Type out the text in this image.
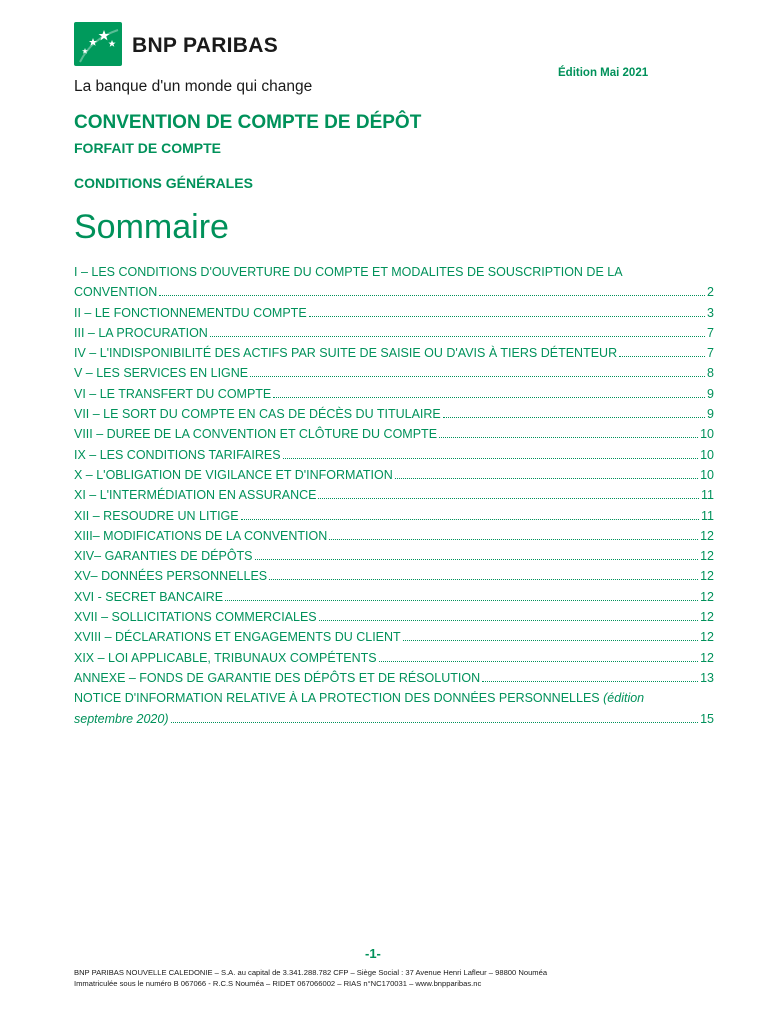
BNP PARIBAS
La banque d'un monde qui change
Édition Mai 2021
CONVENTION DE COMPTE DE DÉPÔT
FORFAIT DE COMPTE
CONDITIONS GÉNÉRALES
Sommaire
I – LES CONDITIONS D'OUVERTURE DU COMPTE ET MODALITES DE SOUSCRIPTION DE LA
CONVENTION	2
II – LE FONCTIONNEMENTDU COMPTE	3
III – LA PROCURATION	7
IV – L'INDISPONIBILITÉ DES ACTIFS PAR SUITE DE SAISIE OU D'AVIS À TIERS DÉTENTEUR	7
V – LES SERVICES EN LIGNE	8
VI – LE TRANSFERT DU COMPTE	9
VII – LE SORT DU COMPTE EN CAS DE DÉCÈS DU TITULAIRE	9
VIII – DUREE DE LA CONVENTION ET CLÔTURE DU COMPTE	10
IX – LES CONDITIONS TARIFAIRES	10
X – L'OBLIGATION DE VIGILANCE ET D'INFORMATION	10
XI – L'INTERMÉDIATION EN ASSURANCE	11
XII – RESOUDRE UN LITIGE	11
XIII– MODIFICATIONS DE LA CONVENTION	12
XIV– GARANTIES DE DÉPÔTS	12
XV– DONNÉES PERSONNELLES	12
XVI - SECRET BANCAIRE	12
XVII – SOLLICITATIONS COMMERCIALES	12
XVIII – DÉCLARATIONS ET ENGAGEMENTS DU CLIENT	12
XIX – LOI APPLICABLE, TRIBUNAUX COMPÉTENTS	12
ANNEXE – FONDS DE GARANTIE DES DÉPÔTS ET DE RÉSOLUTION	13
NOTICE D'INFORMATION RELATIVE À LA PROTECTION DES DONNÉES PERSONNELLES (édition
septembre 2020)	15
-1-
BNP PARIBAS NOUVELLE CALEDONIE – S.A. au capital de 3.341.288.782 CFP – Siège Social : 37 Avenue Henri Lafleur – 98800 Nouméa
Immatriculée sous le numéro B 067066 - R.C.S Nouméa – RIDET 067066002 – RIAS n°NC170031 – www.bnpparibas.nc
